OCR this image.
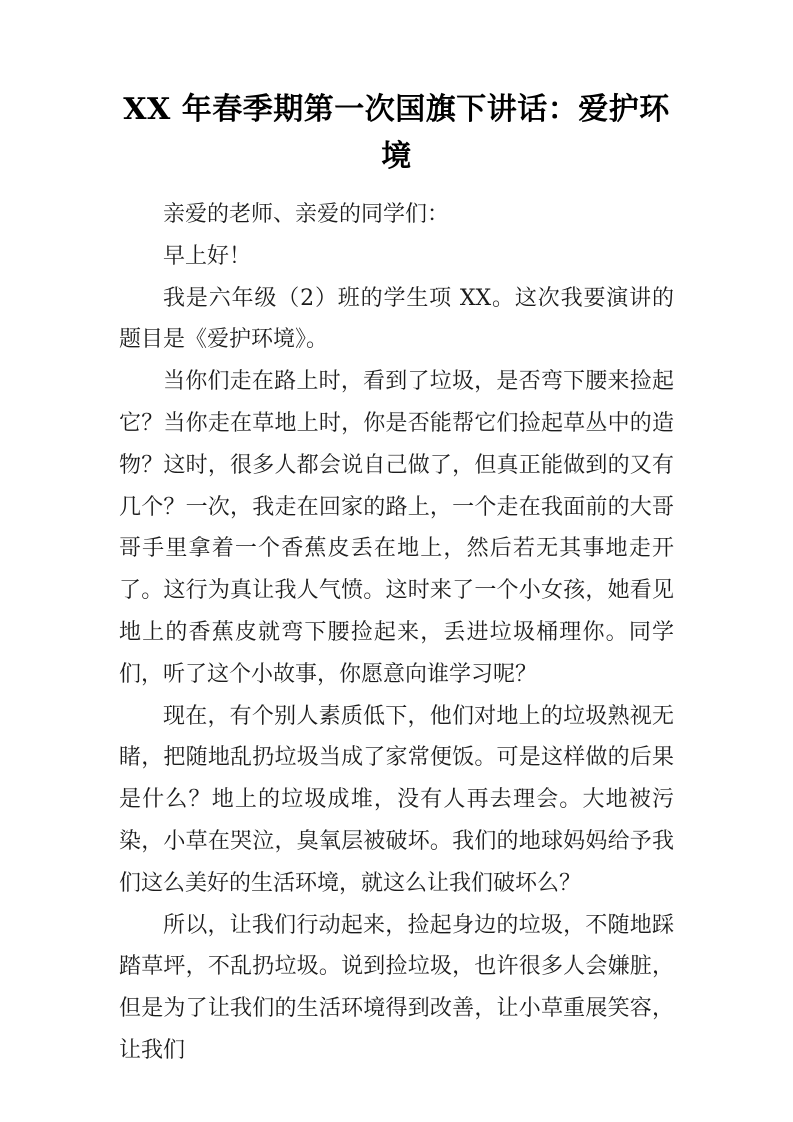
XX 年春季期第一次国旗下讲话：爱护环境

亲爱的老师、亲爱的同学们：

早上好！

我是六年级（2）班的学生项 XX。这次我要演讲的题目是《爱护环境》。

当你们走在路上时，看到了垃圾，是否弯下腰来捡起它？当你走在草地上时，你是否能帮它们捡起草丛中的造物？这时，很多人都会说自己做了，但真正能做到的又有几个？一次，我走在回家的路上，一个走在我面前的大哥哥手里拿着一个香蕉皮丢在地上，然后若无其事地走开了。这行为真让我人气愤。这时来了一个小女孩，她看见地上的香蕉皮就弯下腰捡起来，丢进垃圾桶理你。同学们，听了这个小故事，你愿意向谁学习呢？

现在，有个别人素质低下，他们对地上的垃圾熟视无睹，把随地乱扔垃圾当成了家常便饭。可是这样做的后果是什么？地上的垃圾成堆，没有人再去理会。大地被污染，小草在哭泣，臭氧层被破坏。我们的地球妈妈给予我们这么美好的生活环境，就这么让我们破坏么？

所以，让我们行动起来，捡起身边的垃圾，不随地踩踏草坪，不乱扔垃圾。说到捡垃圾，也许很多人会嫌脏，但是为了让我们的生活环境得到改善，让小草重展笑容，让我们
